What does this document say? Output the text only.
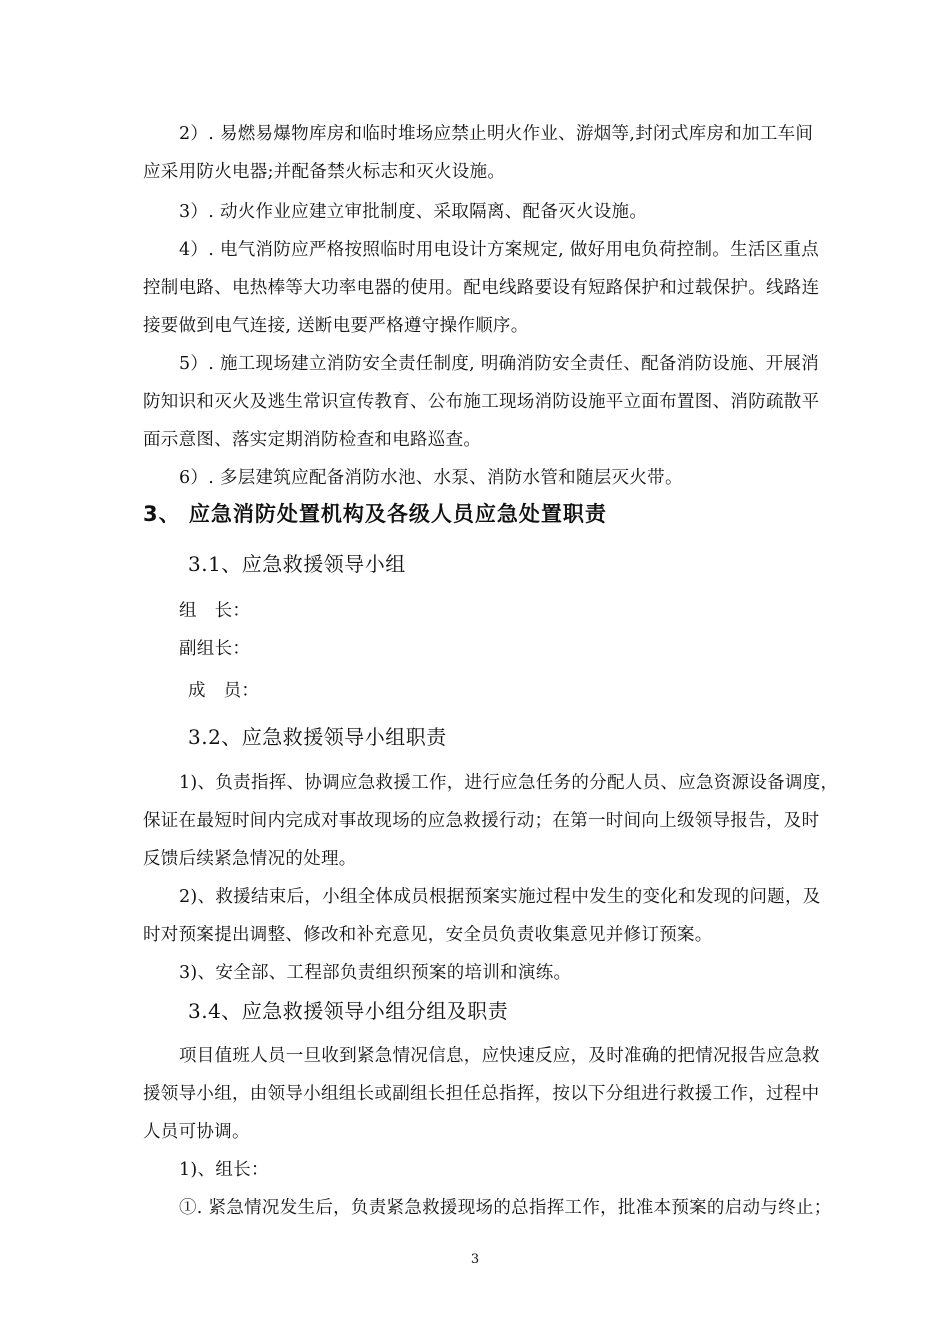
2）. 易燃易爆物库房和临时堆场应禁止明火作业、游烟等,封闭式库房和加工车间
应采用防火电器;并配备禁火标志和灭火设施。
3）. 动火作业应建立审批制度、采取隔离、配备灭火设施。
4）. 电气消防应严格按照临时用电设计方案规定, 做好用电负荷控制。生活区重点
控制电路、电热棒等大功率电器的使用。配电线路要设有短路保护和过载保护。线路连
接要做到电气连接, 送断电要严格遵守操作顺序。
5）. 施工现场建立消防安全责任制度, 明确消防安全责任、配备消防设施、开展消
防知识和灭火及逃生常识宣传教育、公布施工现场消防设施平立面布置图、消防疏散平
面示意图、落实定期消防检查和电路巡查。
6）. 多层建筑应配备消防水池、水泵、消防水管和随层灭火带。
3、 应急消防处置机构及各级人员应急处置职责
3.1、应急救援领导小组
组　长：
副组长：
成　员：
3.2、应急救援领导小组职责
1)、负责指挥、协调应急救援工作，进行应急任务的分配人员、应急资源设备调度，
保证在最短时间内完成对事故现场的应急救援行动；在第一时间向上级领导报告，及时
反馈后续紧急情况的处理。
2)、救援结束后，小组全体成员根据预案实施过程中发生的变化和发现的问题，及
时对预案提出调整、修改和补充意见，安全员负责收集意见并修订预案。
3)、安全部、工程部负责组织预案的培训和演练。
3.4、应急救援领导小组分组及职责
项目值班人员一旦收到紧急情况信息，应快速反应，及时准确的把情况报告应急救
援领导小组，由领导小组组长或副组长担任总指挥，按以下分组进行救援工作，过程中
人员可协调。
1)、组长：
①. 紧急情况发生后，负责紧急救援现场的总指挥工作，批准本预案的启动与终止；
3
